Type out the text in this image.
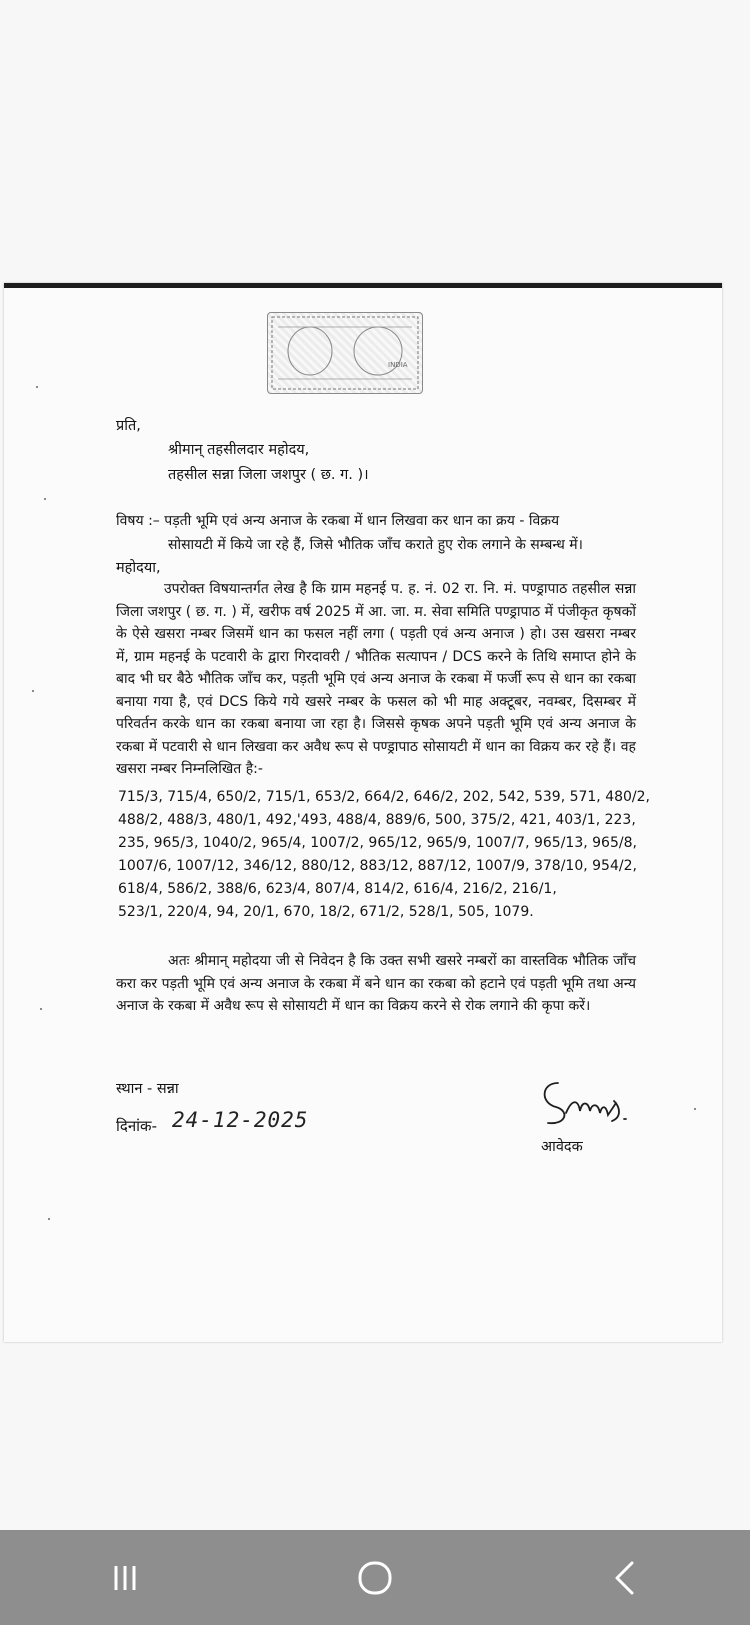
INDIA
प्रति,
श्रीमान् तहसीलदार महोदय,
तहसील सन्ना जिला जशपुर ( छ. ग. )।
विषय :– पड़ती भूमि एवं अन्य अनाज के रकबा में धान लिखवा कर धान का क्रय - विक्रय
सोसायटी में किये जा रहे हैं, जिसे भौतिक जाँच कराते हुए रोक लगाने के सम्बन्ध में।
महोदया,
उपरोक्त विषयान्तर्गत लेख है कि ग्राम महनई प. ह. नं. 02 रा. नि. मं. पण्ड्रापाठ तहसील सन्ना जिला जशपुर ( छ. ग. ) में, खरीफ वर्ष 2025 में आ. जा. म. सेवा समिति पण्ड्रापाठ में पंजीकृत कृषकों के ऐसे खसरा नम्बर जिसमें धान का फसल नहीं लगा ( पड़ती एवं अन्य अनाज ) हो। उस खसरा नम्बर में, ग्राम महनई के पटवारी के द्वारा गिरदावरी / भौतिक सत्यापन / DCS करने के तिथि समाप्त होने के बाद भी घर बैठे भौतिक जाँच कर, पड़ती भूमि एवं अन्य अनाज के रकबा में फर्जी रूप से धान का रकबा बनाया गया है, एवं DCS किये गये खसरे नम्बर के फसल को भी माह अक्टूबर, नवम्बर, दिसम्बर में परिवर्तन करके धान का रकबा बनाया जा रहा है। जिससे कृषक अपने पड़ती भूमि एवं अन्य अनाज के रकबा में पटवारी से धान लिखवा कर अवैध रूप से पण्ड्रापाठ सोसायटी में धान का विक्रय कर रहे हैं। वह खसरा नम्बर निम्नलिखित है:-
715/3, 715/4, 650/2, 715/1, 653/2, 664/2, 646/2, 202, 542, 539, 571, 480/2,
488/2, 488/3, 480/1, 492,'493, 488/4, 889/6, 500, 375/2, 421, 403/1, 223,
235, 965/3, 1040/2, 965/4, 1007/2, 965/12, 965/9, 1007/7, 965/13, 965/8,
1007/6, 1007/12, 346/12, 880/12, 883/12, 887/12, 1007/9, 378/10, 954/2,
618/4, 586/2, 388/6, 623/4, 807/4, 814/2, 616/4, 216/2, 216/1,
523/1, 220/4, 94, 20/1, 670, 18/2, 671/2, 528/1, 505, 1079.
अतः श्रीमान् महोदया जी से निवेदन है कि उक्त सभी खसरे नम्बरों का वास्तविक भौतिक जाँच करा कर पड़ती भूमि एवं अन्य अनाज के रकबा में बने धान का रकबा को हटाने एवं पड़ती भूमि तथा अन्य अनाज के रकबा में अवैध रूप से सोसायटी में धान का विक्रय करने से रोक लगाने की कृपा करें।
स्थान - सन्ना
दिनांक- 24-12-2025
आवेदक
